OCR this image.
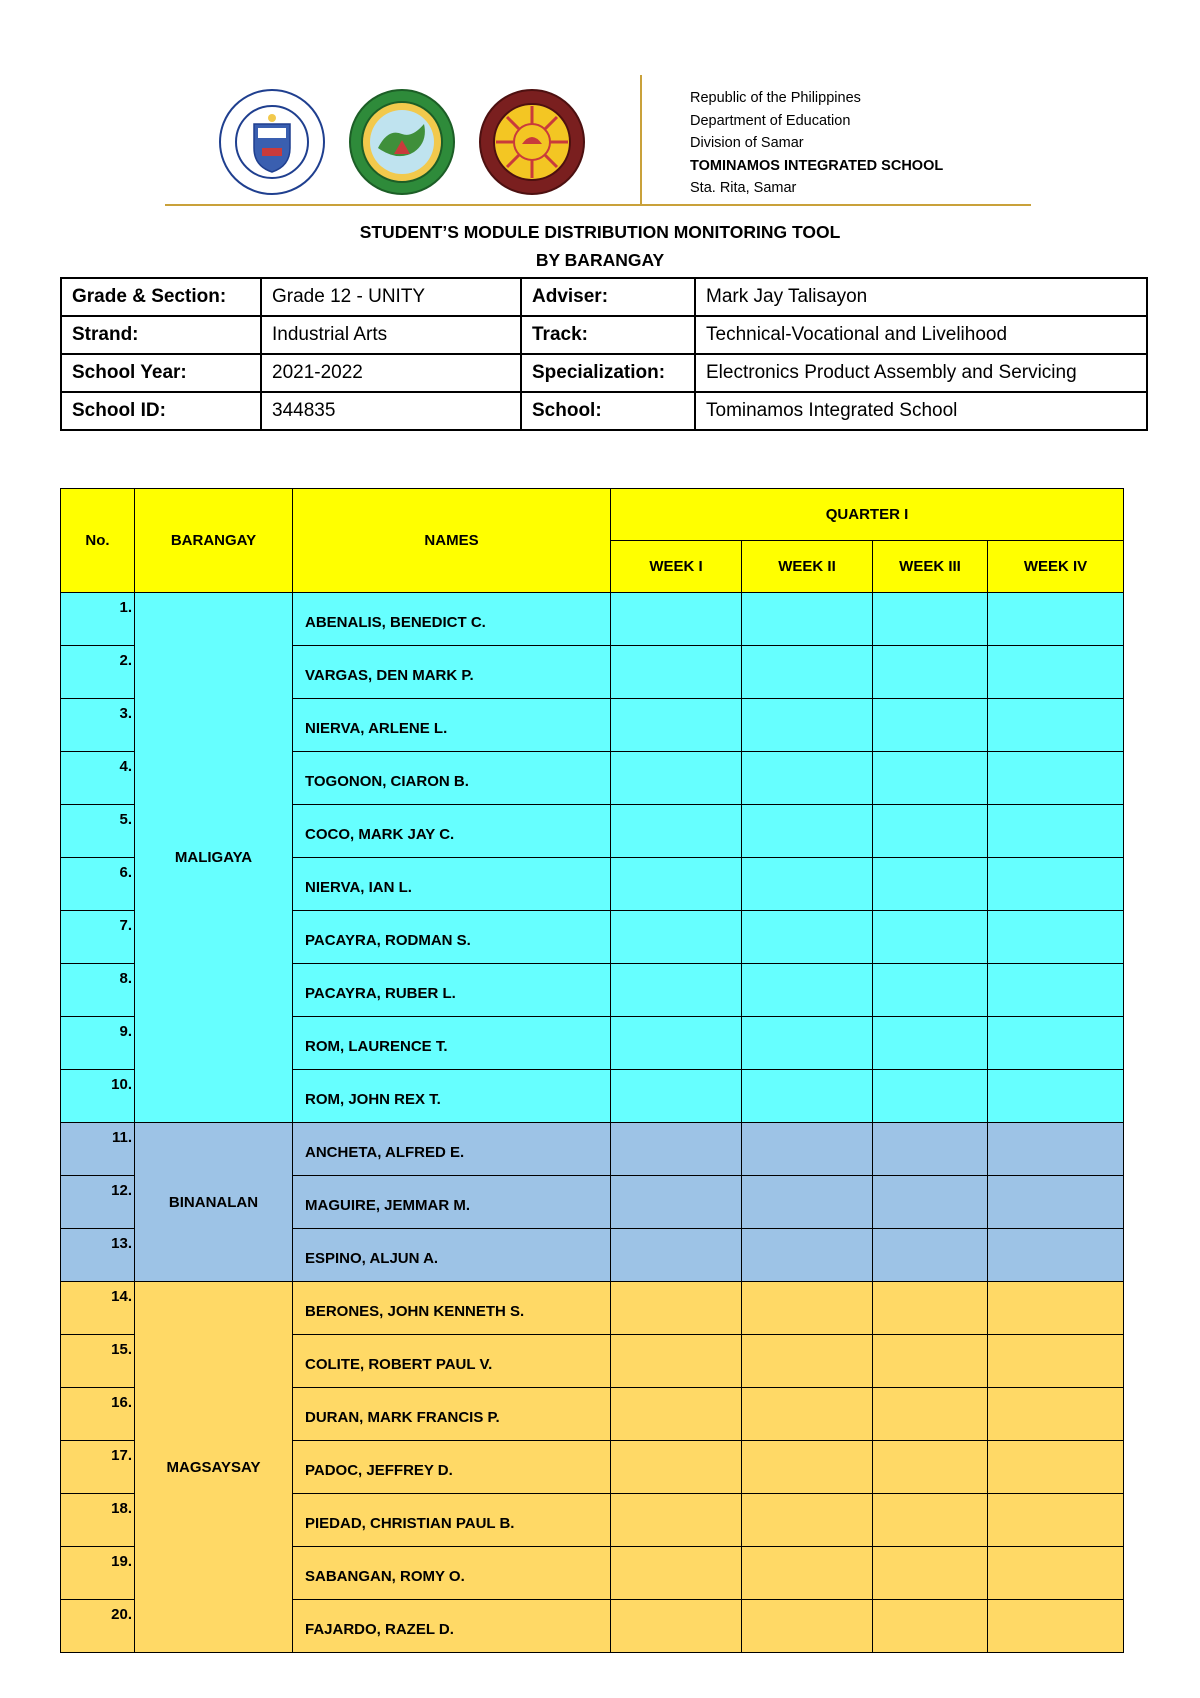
Republic of the Philippines
Department of Education
Division of Samar
TOMINAMOS INTEGRATED SCHOOL
Sta. Rita, Samar
STUDENT’S MODULE DISTRIBUTION MONITORING TOOL
BY BARANGAY
Grade & Section:	Grade 12 - UNITY	Adviser:	Mark Jay Talisayon
Strand:	Industrial Arts	Track:	Technical-Vocational and Livelihood
School Year:	2021-2022	Specialization:	Electronics Product Assembly and Servicing
School ID:	344835	School:	Tominamos Integrated School
No.	BARANGAY	NAMES	QUARTER I			
			WEEK I	WEEK II	WEEK III	WEEK IV
1.	MALIGAYA	ABENALIS, BENEDICT C.				
2.		VARGAS, DEN MARK P.				
3.		NIERVA, ARLENE L.				
4.		TOGONON, CIARON B.				
5.		COCO, MARK JAY C.				
6.		NIERVA, IAN L.				
7.		PACAYRA, RODMAN S.				
8.		PACAYRA, RUBER L.				
9.		ROM, LAURENCE T.				
10.		ROM, JOHN REX T.				
11.	BINANALAN	ANCHETA, ALFRED E.				
12.		MAGUIRE, JEMMAR M.				
13.		ESPINO, ALJUN A.				
14.	MAGSAYSAY	BERONES, JOHN KENNETH S.				
15.		COLITE, ROBERT PAUL V.				
16.		DURAN, MARK FRANCIS P.				
17.		PADOC, JEFFREY D.				
18.		PIEDAD, CHRISTIAN PAUL B.				
19.		SABANGAN, ROMY O.				
20.		FAJARDO, RAZEL D.				
